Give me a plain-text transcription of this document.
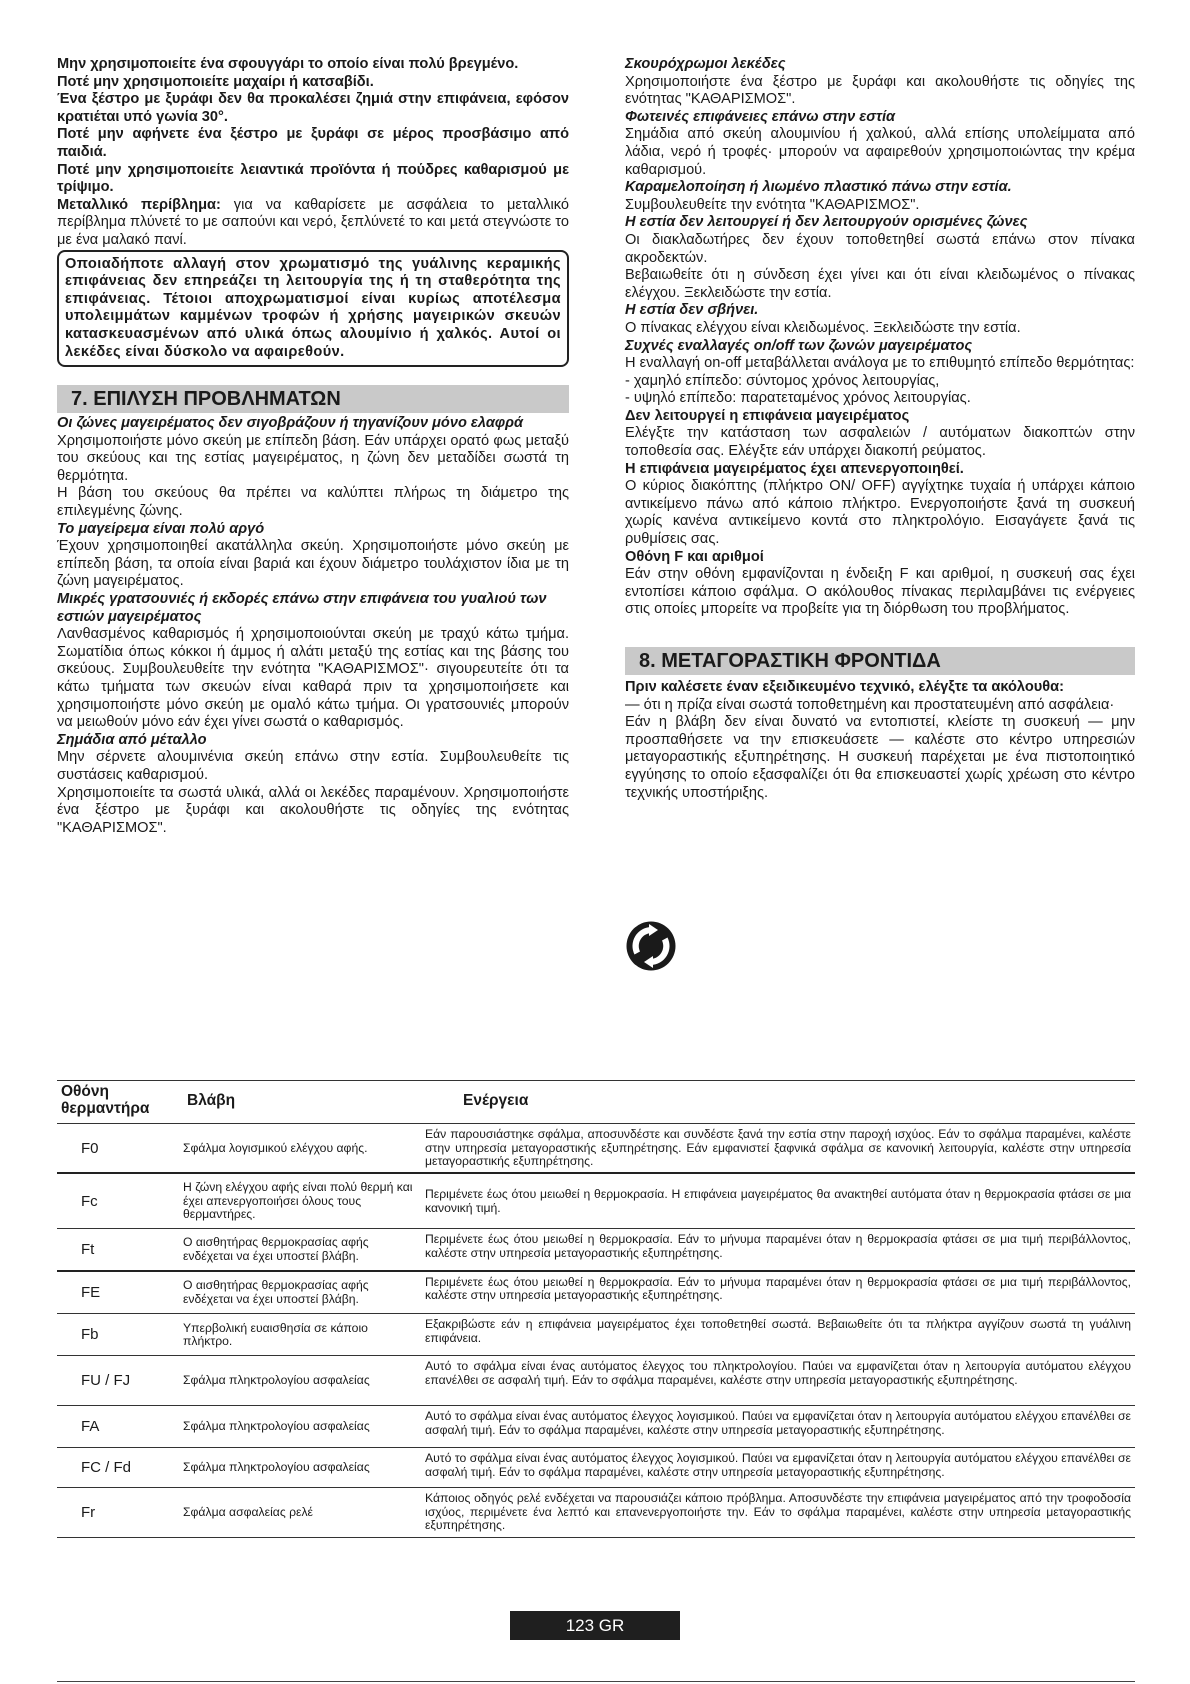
Μην χρησιμοποιείτε ένα σφουγγάρι το οποίο είναι πολύ βρεγμένο.

Ποτέ μην χρησιμοποιείτε μαχαίρι ή κατσαβίδι.

Ένα ξέστρο με ξυράφι δεν θα προκαλέσει ζημιά στην επιφάνεια, εφόσον κρατιέται υπό γωνία 30°.

Ποτέ μην αφήνετε ένα ξέστρο με ξυράφι σε μέρος προσβάσιμο από παιδιά.

Ποτέ μην χρησιμοποιείτε λειαντικά προϊόντα ή πούδρες καθαρισμού με τρίψιμο.

Μεταλλικό περίβλημα: για να καθαρίσετε με ασφάλεια το μεταλλικό περίβλημα πλύνετέ το με σαπούνι και νερό, ξεπλύνετέ το και μετά στεγνώστε το με ένα μαλακό πανί.

Οποιαδήποτε αλλαγή στον χρωματισμό της γυάλινης κεραμικής επιφάνειας δεν επηρεάζει τη λειτουργία της ή τη σταθερότητα της επιφάνειας. Τέτοιοι αποχρωματισμοί είναι κυρίως αποτέλεσμα υπολειμμάτων καμμένων τροφών ή χρήσης μαγειρικών σκευών κατασκευασμένων από υλικά όπως αλουμίνιο ή χαλκός. Αυτοί οι λεκέδες είναι δύσκολο να αφαιρεθούν.

7. ΕΠΙΛΥΣΗ ΠΡΟΒΛΗΜΑΤΩΝ

Οι ζώνες μαγειρέματος δεν σιγοβράζουν ή τηγανίζουν μόνο ελαφρά

Χρησιμοποιήστε μόνο σκεύη με επίπεδη βάση. Εάν υπάρχει ορατό φως μεταξύ του σκεύους και της εστίας μαγειρέματος, η ζώνη δεν μεταδίδει σωστά τη θερμότητα.

Η βάση του σκεύους θα πρέπει να καλύπτει πλήρως τη διάμετρο της επιλεγμένης ζώνης.

Το μαγείρεμα είναι πολύ αργό

Έχουν χρησιμοποιηθεί ακατάλληλα σκεύη. Χρησιμοποιήστε μόνο σκεύη με επίπεδη βάση, τα οποία είναι βαριά και έχουν διάμετρο τουλάχιστον ίδια με τη ζώνη μαγειρέματος.

Μικρές γρατσουνιές ή εκδορές επάνω στην επιφάνεια του γυαλιού των εστιών μαγειρέματος

Λανθασμένος καθαρισμός ή χρησιμοποιούνται σκεύη με τραχύ κάτω τμήμα. Σωματίδια όπως κόκκοι ή άμμος ή αλάτι μεταξύ της εστίας και της βάσης του σκεύους. Συμβουλευθείτε την ενότητα "ΚΑΘΑΡΙΣΜΟΣ"· σιγουρευτείτε ότι τα κάτω τμήματα των σκευών είναι καθαρά πριν τα χρησιμοποιήσετε και χρησιμοποιήστε μόνο σκεύη με ομαλό κάτω τμήμα. Οι γρατσουνιές μπορούν να μειωθούν μόνο εάν έχει γίνει σωστά ο καθαρισμός.

Σημάδια από μέταλλο

Μην σέρνετε αλουμινένια σκεύη επάνω στην εστία. Συμβουλευθείτε τις συστάσεις καθαρισμού.

Χρησιμοποιείτε τα σωστά υλικά, αλλά οι λεκέδες παραμένουν. Χρησιμοποιήστε ένα ξέστρο με ξυράφι και ακολουθήστε τις οδηγίες της ενότητας "ΚΑΘΑΡΙΣΜΟΣ".

Σκουρόχρωμοι λεκέδες

Χρησιμοποιήστε ένα ξέστρο με ξυράφι και ακολουθήστε τις οδηγίες της ενότητας "ΚΑΘΑΡΙΣΜΟΣ".

Φωτεινές επιφάνειες επάνω στην εστία

Σημάδια από σκεύη αλουμινίου ή χαλκού, αλλά επίσης υπολείμματα από λάδια, νερό ή τροφές· μπορούν να αφαιρεθούν χρησιμοποιώντας την κρέμα καθαρισμού.

Καραμελοποίηση ή λιωμένο πλαστικό πάνω στην εστία.

Συμβουλευθείτε την ενότητα "ΚΑΘΑΡΙΣΜΟΣ".

Η εστία δεν λειτουργεί ή δεν λειτουργούν ορισμένες ζώνες

Οι διακλαδωτήρες δεν έχουν τοποθετηθεί σωστά επάνω στον πίνακα ακροδεκτών.

Βεβαιωθείτε ότι η σύνδεση έχει γίνει και ότι είναι κλειδωμένος ο πίνακας ελέγχου. Ξεκλειδώστε την εστία.

Η εστία δεν σβήνει.

Ο πίνακας ελέγχου είναι κλειδωμένος. Ξεκλειδώστε την εστία.

Συχνές εναλλαγές on/off των ζωνών μαγειρέματος

Η εναλλαγή on-off μεταβάλλεται ανάλογα με το επιθυμητό επίπεδο θερμότητας:

- χαμηλό επίπεδο: σύντομος χρόνος λειτουργίας,

- υψηλό επίπεδο: παρατεταμένος χρόνος λειτουργίας.

Δεν λειτουργεί η επιφάνεια μαγειρέματος

Ελέγξτε την κατάσταση των ασφαλειών / αυτόματων διακοπτών στην τοποθεσία σας. Ελέγξτε εάν υπάρχει διακοπή ρεύματος.

Η επιφάνεια μαγειρέματος έχει απενεργοποιηθεί.

Ο κύριος διακόπτης (πλήκτρο ON/ OFF) αγγίχτηκε τυχαία ή υπάρχει κάποιο αντικείμενο πάνω από κάποιο πλήκτρο. Ενεργοποιήστε ξανά τη συσκευή χωρίς κανένα αντικείμενο κοντά στο πληκτρολόγιο. Εισαγάγετε ξανά τις ρυθμίσεις σας.

Οθόνη F και αριθμοί

Εάν στην οθόνη εμφανίζονται η ένδειξη F και αριθμοί, η συσκευή σας έχει εντοπίσει κάποιο σφάλμα. Ο ακόλουθος πίνακας περιλαμβάνει τις ενέργειες στις οποίες μπορείτε να προβείτε για τη διόρθωση του προβλήματος.

8. ΜΕΤΑΓΟΡΑΣΤΙΚΗ ΦΡΟΝΤΙΔΑ

Πριν καλέσετε έναν εξειδικευμένο τεχνικό, ελέγξτε τα ακόλουθα:

— ότι η πρίζα είναι σωστά τοποθετημένη και προστατευμένη από ασφάλεια·

Εάν η βλάβη δεν είναι δυνατό να εντοπιστεί, κλείστε τη συσκευή — μην προσπαθήσετε να την επισκευάσετε — καλέστε στο κέντρο υπηρεσιών μεταγοραστικής εξυπηρέτησης. Η συσκευή παρέχεται με ένα πιστοποιητικό εγγύησης το οποίο εξασφαλίζει ότι θα επισκευαστεί χωρίς χρέωση στο κέντρο τεχνικής υποστήριξης.

Οθόνη θερμαντήρα	Βλάβη	Ενέργεια
F0	Σφάλμα λογισμικού ελέγχου αφής.	Εάν παρουσιάστηκε σφάλμα, αποσυνδέστε και συνδέστε ξανά την εστία στην παροχή ισχύος. Εάν το σφάλμα παραμένει, καλέστε στην υπηρεσία μεταγοραστικής εξυπηρέτησης. Εάν εμφανιστεί ξαφνικά σφάλμα σε κανονική λειτουργία, καλέστε στην υπηρεσία μεταγοραστικής εξυπηρέτησης.
Fc	Η ζώνη ελέγχου αφής είναι πολύ θερμή και έχει απενεργοποιήσει όλους τους θερμαντήρες.	Περιμένετε έως ότου μειωθεί η θερμοκρασία. Η επιφάνεια μαγειρέματος θα ανακτηθεί αυτόματα όταν η θερμοκρασία φτάσει σε μια κανονική τιμή.
Ft	Ο αισθητήρας θερμοκρασίας αφής ενδέχεται να έχει υποστεί βλάβη.	Περιμένετε έως ότου μειωθεί η θερμοκρασία. Εάν το μήνυμα παραμένει όταν η θερμοκρασία φτάσει σε μια τιμή περιβάλλοντος, καλέστε στην υπηρεσία μεταγοραστικής εξυπηρέτησης.
FE	Ο αισθητήρας θερμοκρασίας αφής ενδέχεται να έχει υποστεί βλάβη.	Περιμένετε έως ότου μειωθεί η θερμοκρασία. Εάν το μήνυμα παραμένει όταν η θερμοκρασία φτάσει σε μια τιμή περιβάλλοντος, καλέστε στην υπηρεσία μεταγοραστικής εξυπηρέτησης.
Fb	Υπερβολική ευαισθησία σε κάποιο πλήκτρο.	Εξακριβώστε εάν η επιφάνεια μαγειρέματος έχει τοποθετηθεί σωστά. Βεβαιωθείτε ότι τα πλήκτρα αγγίζουν σωστά τη γυάλινη επιφάνεια.
FU / FJ	Σφάλμα πληκτρολογίου ασφαλείας	Αυτό το σφάλμα είναι ένας αυτόματος έλεγχος του πληκτρολογίου. Παύει να εμφανίζεται όταν η λειτουργία αυτόματου ελέγχου επανέλθει σε ασφαλή τιμή. Εάν το σφάλμα παραμένει, καλέστε στην υπηρεσία μεταγοραστικής εξυπηρέτησης.
FA	Σφάλμα πληκτρολογίου ασφαλείας	Αυτό το σφάλμα είναι ένας αυτόματος έλεγχος λογισμικού. Παύει να εμφανίζεται όταν η λειτουργία αυτόματου ελέγχου επανέλθει σε ασφαλή τιμή. Εάν το σφάλμα παραμένει, καλέστε στην υπηρεσία μεταγοραστικής εξυπηρέτησης.
FC / Fd	Σφάλμα πληκτρολογίου ασφαλείας	Αυτό το σφάλμα είναι ένας αυτόματος έλεγχος λογισμικού. Παύει να εμφανίζεται όταν η λειτουργία αυτόματου ελέγχου επανέλθει σε ασφαλή τιμή. Εάν το σφάλμα παραμένει, καλέστε στην υπηρεσία μεταγοραστικής εξυπηρέτησης.
Fr	Σφάλμα ασφαλείας ρελέ	Κάποιος οδηγός ρελέ ενδέχεται να παρουσιάζει κάποιο πρόβλημα. Αποσυνδέστε την επιφάνεια μαγειρέματος από την τροφοδοσία ισχύος, περιμένετε ένα λεπτό και επανενεργοποιήστε την. Εάν το σφάλμα παραμένει, καλέστε στην υπηρεσία μεταγοραστικής εξυπηρέτησης.
123 GR
